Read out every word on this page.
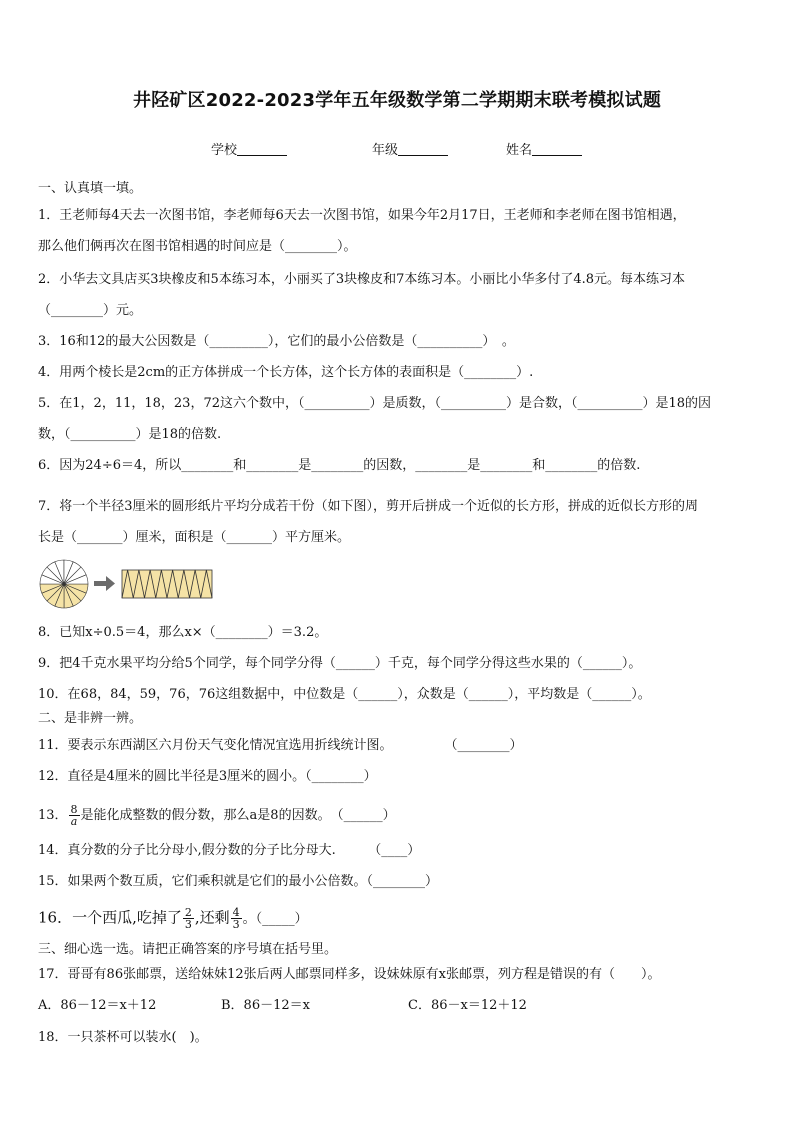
井陉矿区2022-2023学年五年级数学第二学期期末联考模拟试题
学校	年级	姓名
一、认真填一填。
1．王老师每4天去一次图书馆，李老师每6天去一次图书馆，如果今年2月17日，王老师和李老师在图书馆相遇，
那么他们俩再次在图书馆相遇的时间应是（________）。
2．小华去文具店买3块橡皮和5本练习本，小丽买了3块橡皮和7本练习本。小丽比小华多付了4.8元。每本练习本
（________）元。
3．16和12的最大公因数是（_________），它们的最小公倍数是（__________）　。
4．用两个棱长是2cm的正方体拼成一个长方体，这个长方体的表面积是（________）.
5．在1，2，11，18，23，72这六个数中，（__________）是质数，（__________）是合数，（__________）是18的因
数，（__________）是18的倍数.
6．因为24÷6＝4，所以________和________是________的因数，________是________和________的倍数.
7．将一个半径3厘米的圆形纸片平均分成若干份（如下图），剪开后拼成一个近似的长方形，拼成的近似长方形的周
长是（_______）厘米，面积是（_______）平方厘米。
8．已知x÷0.5＝4，那么x×（________）＝3.2。
9．把4千克水果平均分给5个同学，每个同学分得（______）千克，每个同学分得这些水果的（______）。
10．在68，84，59，76，76这组数据中，中位数是（______），众数是（______），平均数是（______）。
二、是非辨一辨。
11．要表示东西湖区六月份天气变化情况宜选用折线统计图。　　　　　（________）
12．直径是4厘米的圆比半径是3厘米的圆小。（________）
13． $\frac{8}{a}$ 是能化成整数的假分数，那么a是8的因数。　（______）
14．真分数的分子比分母小,假分数的分子比分母大.　　　（____）
15．如果两个数互质，它们乘积就是它们的最小公倍数。（________）
16．一个西瓜,吃掉了 $\frac{2}{3}$ ,还剩 $\frac{4}{3}$ 。（_____）
三、细心选一选。请把正确答案的序号填在括号里。
17．哥哥有86张邮票，送给妹妹12张后两人邮票同样多，设妹妹原有x张邮票，列方程是错误的有（　　）。
A．86－12＝x＋12	B．86－12＝x	C．86－x＝12＋12
18．一只茶杯可以装水(　)。
